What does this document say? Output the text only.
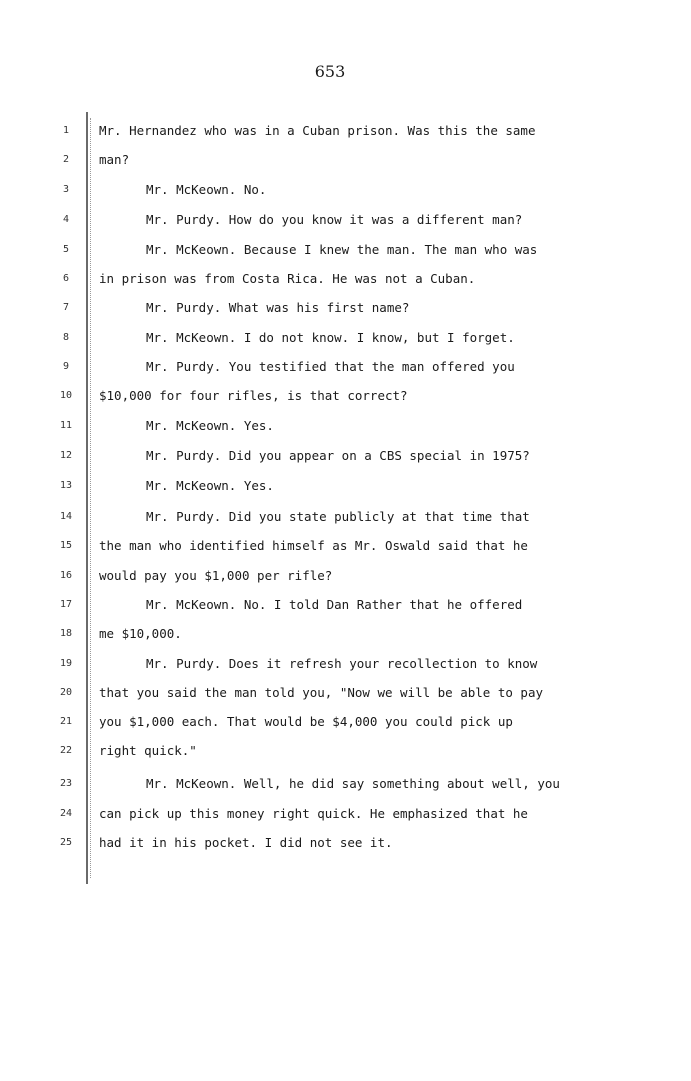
653
1	Mr. Hernandez who was in a Cuban prison. Was this the same
2	man?
3	Mr. McKeown. No.
4	Mr. Purdy. How do you know it was a different man?
5	Mr. McKeown. Because I knew the man. The man who was
6	in prison was from Costa Rica. He was not a Cuban.
7	Mr. Purdy. What was his first name?
8	Mr. McKeown. I do not know. I know, but I forget.
9	Mr. Purdy. You testified that the man offered you
10	$10,000 for four rifles, is that correct?
11	Mr. McKeown. Yes.
12	Mr. Purdy. Did you appear on a CBS special in 1975?
13	Mr. McKeown. Yes.
14	Mr. Purdy. Did you state publicly at that time that
15	the man who identified himself as Mr. Oswald said that he
16	would pay you $1,000 per rifle?
17	Mr. McKeown. No. I told Dan Rather that he offered
18	me $10,000.
19	Mr. Purdy. Does it refresh your recollection to know
20	that you said the man told you, "Now we will be able to pay
21	you $1,000 each. That would be $4,000 you could pick up
22	right quick."
23	Mr. McKeown. Well, he did say something about well, you
24	can pick up this money right quick. He emphasized that he
25	had it in his pocket. I did not see it.
